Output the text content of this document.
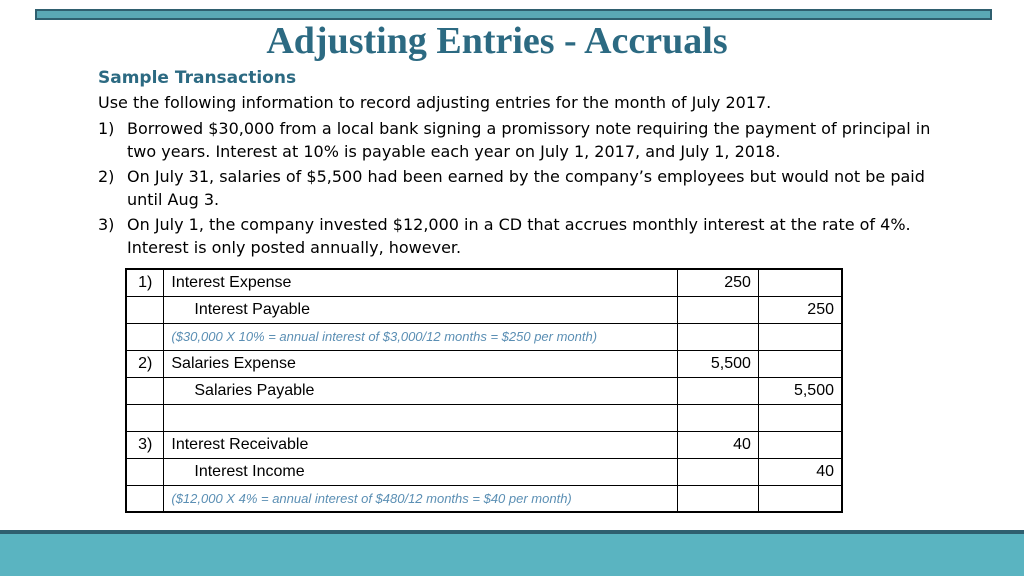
Adjusting Entries - Accruals
Sample Transactions
Use the following information to record adjusting entries for the month of July 2017.
1) Borrowed $30,000 from a local bank signing a promissory note requiring the payment of principal in two years. Interest at 10% is payable each year on July 1, 2017, and July 1, 2018.
2) On July 31, salaries of $5,500 had been earned by the company’s employees but would not be paid until Aug 3.
3) On July 1, the company invested $12,000 in a CD that accrues monthly interest at the rate of 4%. Interest is only posted annually, however.
1)	Interest Expense	250	
	Interest Payable		250
	($30,000 X 10% = annual interest of $3,000/12 months = $250 per month)		
2)	Salaries Expense	5,500	
	Salaries Payable		5,500

3)	Interest Receivable	40	
	Interest Income		40
	($12,000 X 4% = annual interest of $480/12 months = $40 per month)		
